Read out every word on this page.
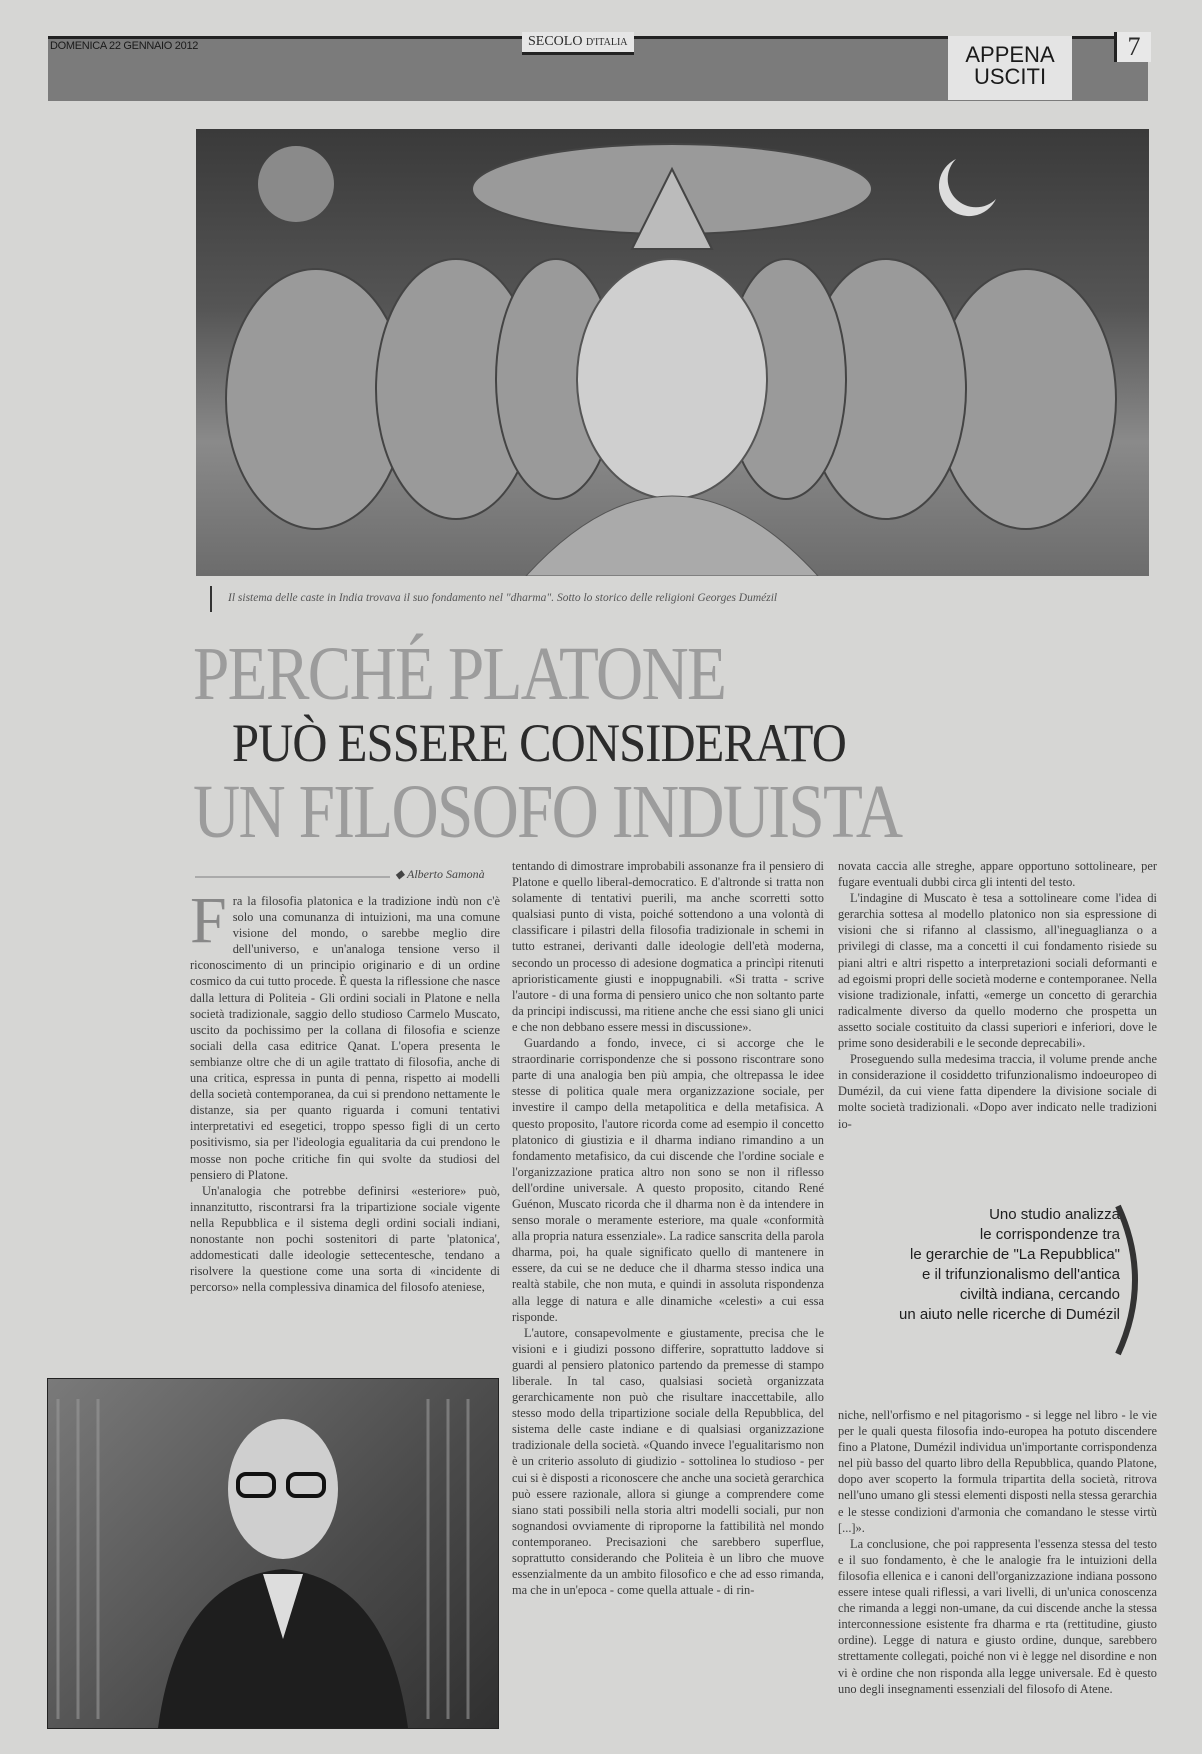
DOMENICA 22 GENNAIO 2012	SECOLO D'ITALIA	APPENA
USCITI
7
Il sistema delle caste in India trovava il suo fondamento nel "dharma". Sotto lo storico delle religioni Georges Dumézil
PERCHÉ PLATONE
PUÒ ESSERE CONSIDERATO
UN FILOSOFO INDUISTA
◆ Alberto Samonà

Fra la filosofia platonica e la tradizione indù non c'è solo una comunanza di intuizioni, ma una comune visione del mondo, o sarebbe meglio dire dell'universo, e un'analoga tensione verso il riconoscimento di un principio originario e di un ordine cosmico da cui tutto procede. È questa la riflessione che nasce dalla lettura di Politeia - Gli ordini sociali in Platone e nella società tradizionale, saggio dello studioso Carmelo Muscato, uscito da pochissimo per la collana di filosofia e scienze sociali della casa editrice Qanat. L'opera presenta le sembianze oltre che di un agile trattato di filosofia, anche di una critica, espressa in punta di penna, rispetto ai modelli della società contemporanea, da cui si prendono nettamente le distanze, sia per quanto riguarda i comuni tentativi interpretativi ed esegetici, troppo spesso figli di un certo positivismo, sia per l'ideologia egualitaria da cui prendono le mosse non poche critiche fin qui svolte da studiosi del pensiero di Platone.

Un'analogia che potrebbe definirsi «esteriore» può, innanzitutto, riscontrarsi fra la tripartizione sociale vigente nella Repubblica e il sistema degli ordini sociali indiani, nonostante non pochi sostenitori di parte 'platonica', addomesticati dalle ideologie settecentesche, tendano a risolvere la questione come una sorta di «incidente di percorso» nella complessiva dinamica del filosofo ateniese,

tentando di dimostrare improbabili assonanze fra il pensiero di Platone e quello liberal-democratico. E d'altronde si tratta non solamente di tentativi puerili, ma anche scorretti sotto qualsiasi punto di vista, poiché sottendono a una volontà di classificare i pilastri della filosofia tradizionale in schemi in tutto estranei, derivanti dalle ideologie dell'età moderna, secondo un processo di adesione dogmatica a princìpi ritenuti aprioristicamente giusti e inoppugnabili. «Si tratta - scrive l'autore - di una forma di pensiero unico che non soltanto parte da principi indiscussi, ma ritiene anche che essi siano gli unici e che non debbano essere messi in discussione».

Guardando a fondo, invece, ci si accorge che le straordinarie corrispondenze che si possono riscontrare sono parte di una analogia ben più ampia, che oltrepassa le idee stesse di politica quale mera organizzazione sociale, per investire il campo della metapolitica e della metafisica. A questo proposito, l'autore ricorda come ad esempio il concetto platonico di giustizia e il dharma indiano rimandino a un fondamento metafisico, da cui discende che l'ordine sociale e l'organizzazione pratica altro non sono se non il riflesso dell'ordine universale. A questo proposito, citando René Guénon, Muscato ricorda che il dharma non è da intendere in senso morale o meramente esteriore, ma quale «conformità alla propria natura essenziale». La radice sanscrita della parola dharma, poi, ha quale significato quello di mantenere in essere, da cui se ne deduce che il dharma stesso indica una realtà stabile, che non muta, e quindi in assoluta rispondenza alla legge di natura e alle dinamiche «celesti» a cui essa risponde.

L'autore, consapevolmente e giustamente, precisa che le visioni e i giudizi possono differire, soprattutto laddove si guardi al pensiero platonico partendo da premesse di stampo liberale. In tal caso, qualsiasi società organizzata gerarchicamente non può che risultare inaccettabile, allo stesso modo della tripartizione sociale della Repubblica, del sistema delle caste indiane e di qualsiasi organizzazione tradizionale della società. «Quando invece l'egualitarismo non è un criterio assoluto di giudizio - sottolinea lo studioso - per cui si è disposti a riconoscere che anche una società gerarchica può essere razionale, allora si giunge a comprendere come siano stati possibili nella storia altri modelli sociali, pur non sognandosi ovviamente di riproporne la fattibilità nel mondo contemporaneo. Precisazioni che sarebbero superflue, soprattutto considerando che Politeia è un libro che muove essenzialmente da un ambito filosofico e che ad esso rimanda, ma che in un'epoca - come quella attuale - di rin-

novata caccia alle streghe, appare opportuno sottolineare, per fugare eventuali dubbi circa gli intenti del testo.

L'indagine di Muscato è tesa a sottolineare come l'idea di gerarchia sottesa al modello platonico non sia espressione di visioni che si rifanno al classismo, all'ineguaglianza o a privilegi di classe, ma a concetti il cui fondamento risiede su piani altri e altri rispetto a interpretazioni sociali deformanti e ad egoismi propri delle società moderne e contemporanee. Nella visione tradizionale, infatti, «emerge un concetto di gerarchia radicalmente diverso da quello moderno che prospetta un assetto sociale costituito da classi superiori e inferiori, dove le prime sono desiderabili e le seconde deprecabili».

Proseguendo sulla medesima traccia, il volume prende anche in considerazione il cosiddetto trifunzionalismo indoeuropeo di Dumézil, da cui viene fatta dipendere la divisione sociale di molte società tradizionali. «Dopo aver indicato nelle tradizioni io-

Uno studio analizza
le corrispondenze tra
le gerarchie de "La Repubblica"
e il trifunzionalismo dell'antica
civiltà indiana, cercando
un aiuto nelle ricerche di Dumézil

niche, nell'orfismo e nel pitagorismo - si legge nel libro - le vie per le quali questa filosofia indo-europea ha potuto discendere fino a Platone, Dumézil individua un'importante corrispondenza nel più basso del quarto libro della Repubblica, quando Platone, dopo aver scoperto la formula tripartita della società, ritrova nell'uno umano gli stessi elementi disposti nella stessa gerarchia e le stesse condizioni d'armonia che comandano le stesse virtù [...]».

La conclusione, che poi rappresenta l'essenza stessa del testo e il suo fondamento, è che le analogie fra le intuizioni della filosofia ellenica e i canoni dell'organizzazione indiana possono essere intese quali riflessi, a vari livelli, di un'unica conoscenza che rimanda a leggi non-umane, da cui discende anche la stessa interconnessione esistente fra dharma e rta (rettitudine, giusto ordine). Legge di natura e giusto ordine, dunque, sarebbero strettamente collegati, poiché non vi è legge nel disordine e non vi è ordine che non risponda alla legge universale. Ed è questo uno degli insegnamenti essenziali del filosofo di Atene.
